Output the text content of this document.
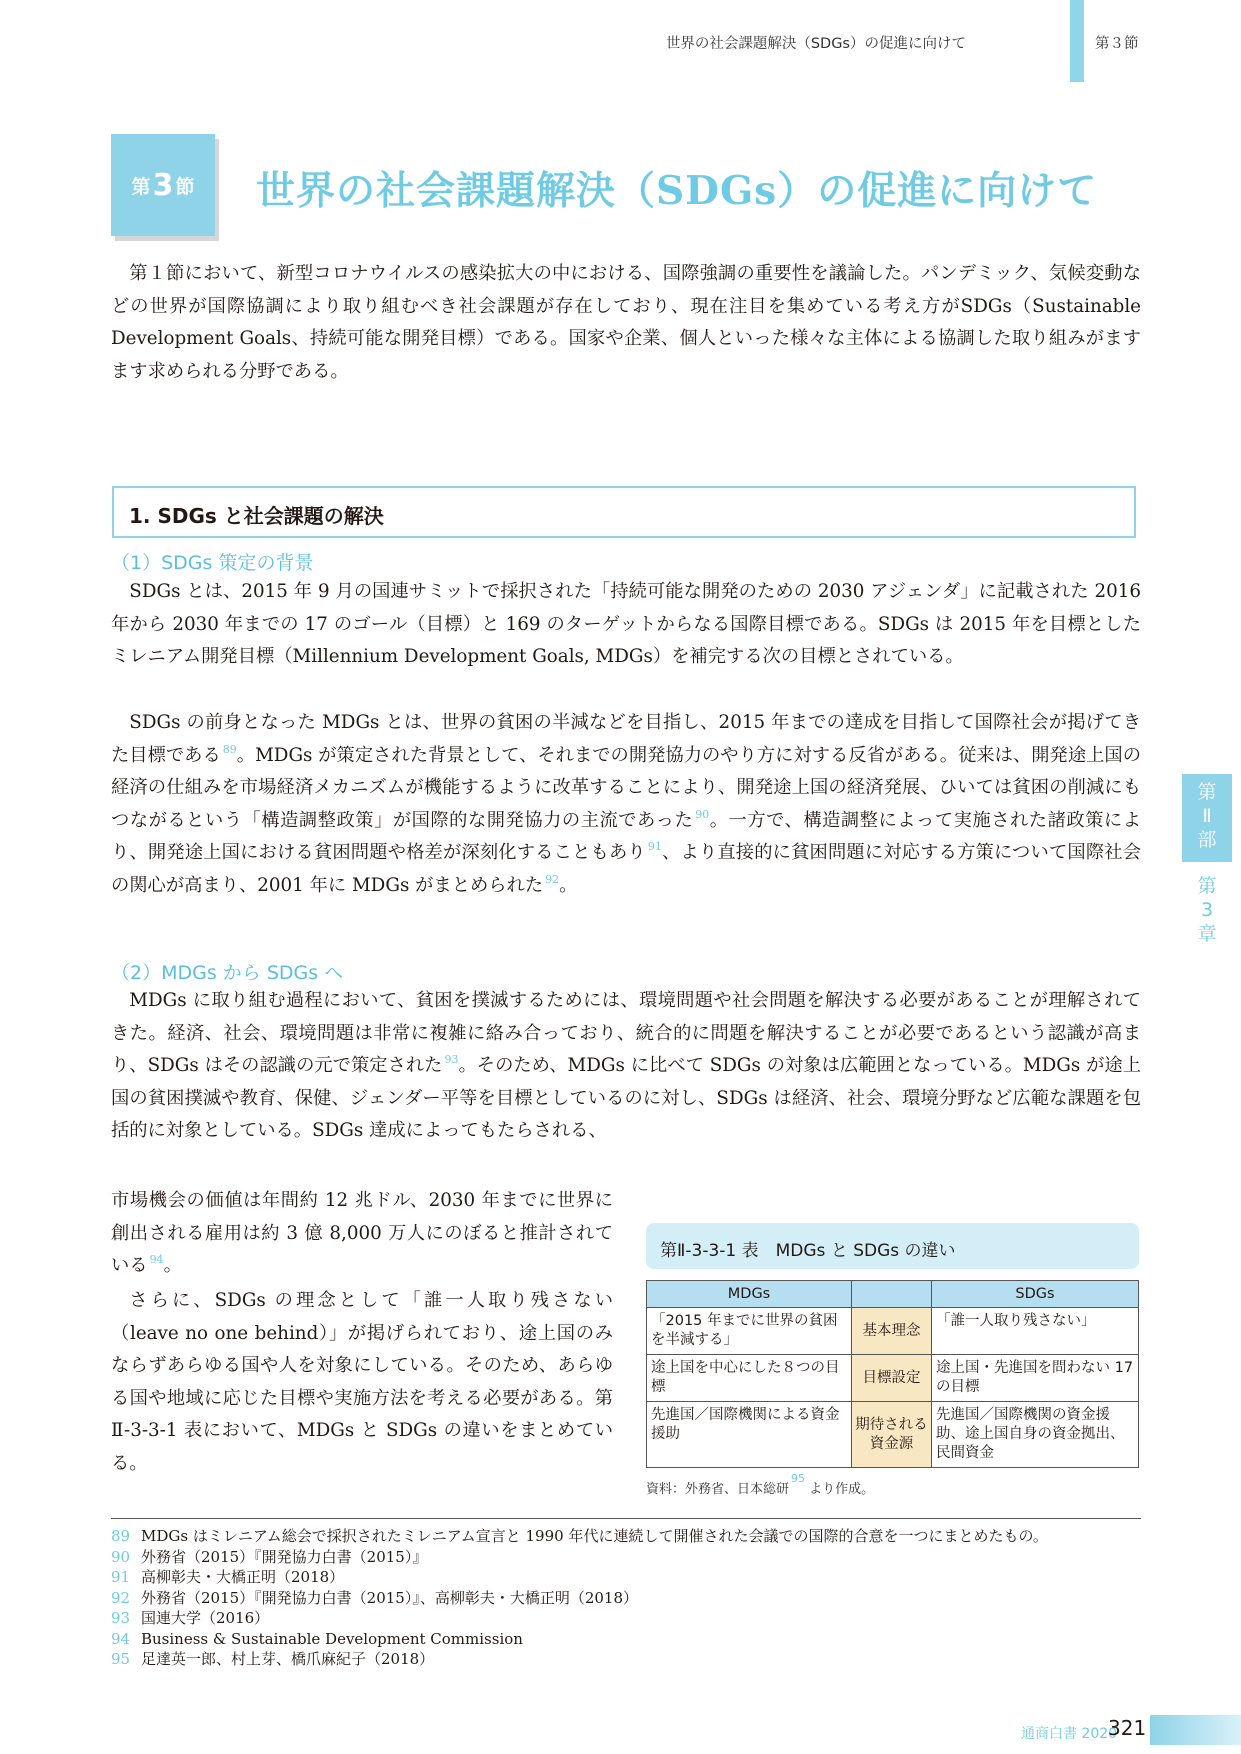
世界の社会課題解決（SDGs）の促進に向けて	第３節
第 3 節 世界の社会課題解決（SDGs）の促進に向けて

第１節において、新型コロナウイルスの感染拡大の中における、国際強調の重要性を議論した。パンデミック、気候変動などの世界が国際協調により取り組むべき社会課題が存在しており、現在注目を集めている考え方がSDGs（Sustainable Development Goals、持続可能な開発目標）である。国家や企業、個人といった様々な主体による協調した取り組みがますます求められる分野である。

1. SDGs と社会課題の解決
（1）SDGs 策定の背景

SDGs とは、2015 年 9 月の国連サミットで採択された「持続可能な開発のための 2030 アジェンダ」に記載された 2016 年から 2030 年までの 17 のゴール（目標）と 169 のターゲットからなる国際目標である。SDGs は 2015 年を目標としたミレニアム開発目標（Millennium Development Goals, MDGs）を補完する次の目標とされている。

SDGs の前身となった MDGs とは、世界の貧困の半減などを目指し、2015 年までの達成を目指して国際社会が掲げてきた目標である $^{89}$。MDGs が策定された背景として、それまでの開発協力のやり方に対する反省がある。従来は、開発途上国の経済の仕組みを市場経済メカニズムが機能するように改革することにより、開発途上国の経済発展、ひいては貧困の削減にもつながるという「構造調整政策」が国際的な開発協力の主流であった $^{90}$。一方で、構造調整によって実施された諸政策により、開発途上国における貧困問題や格差が深刻化することもあり $^{91}$、より直接的に貧困問題に対応する方策について国際社会の関心が高まり、2001 年に MDGs がまとめられた $^{92}$。

（2）MDGs から SDGs へ

MDGs に取り組む過程において、貧困を撲滅するためには、環境問題や社会問題を解決する必要があることが理解されてきた。経済、社会、環境問題は非常に複雑に絡み合っており、統合的に問題を解決することが必要であるという認識が高まり、SDGs はその認識の元で策定された $^{93}$。そのため、MDGs に比べて SDGs の対象は広範囲となっている。MDGs が途上国の貧困撲滅や教育、保健、ジェンダー平等を目標としているのに対し、SDGs は経済、社会、環境分野など広範な課題を包括的に対象としている。SDGs 達成によってもたらされる、

市場機会の価値は年間約 12 兆ドル、2030 年までに世界に創出される雇用は約 3 億 8,000 万人にのぼると推計されている $^{94}$。

さらに、SDGs の理念として「誰一人取り残さない（leave no one behind）」が掲げられており、途上国のみならずあらゆる国や人を対象にしている。そのため、あらゆる国や地域に応じた目標や実施方法を考える必要がある。第Ⅱ-3-3-1 表において、MDGs と SDGs の違いをまとめている。

第
Ⅱ
部
第
3
章
第Ⅱ-3-3-1 表　MDGs と SDGs の違い
MDGs		SDGs
「2015 年までに世界の貧困を半減する」	基本理念	「誰一人取り残さない」
途上国を中心にした８つの目標	目標設定	途上国・先進国を問わない 17 の目標
先進国／国際機関による資金援助	期待される資金源	先進国／国際機関の資金援助、途上国自身の資金拠出、民間資金
資料：外務省、日本総研$^{95}$ より作成。
89 MDGs はミレニアム総会で採択されたミレニアム宣言と 1990 年代に連続して開催された会議での国際的合意を一つにまとめたもの。
90 外務省（2015）『開発協力白書（2015）』
91 高柳彰夫・大橋正明（2018）
92 外務省（2015）『開発協力白書（2015）』、高柳彰夫・大橋正明（2018）
93 国連大学（2016）
94 Business & Sustainable Development Commission
95 足達英一郎、村上芽、橋爪麻紀子（2018）
通商白書 2020
321
